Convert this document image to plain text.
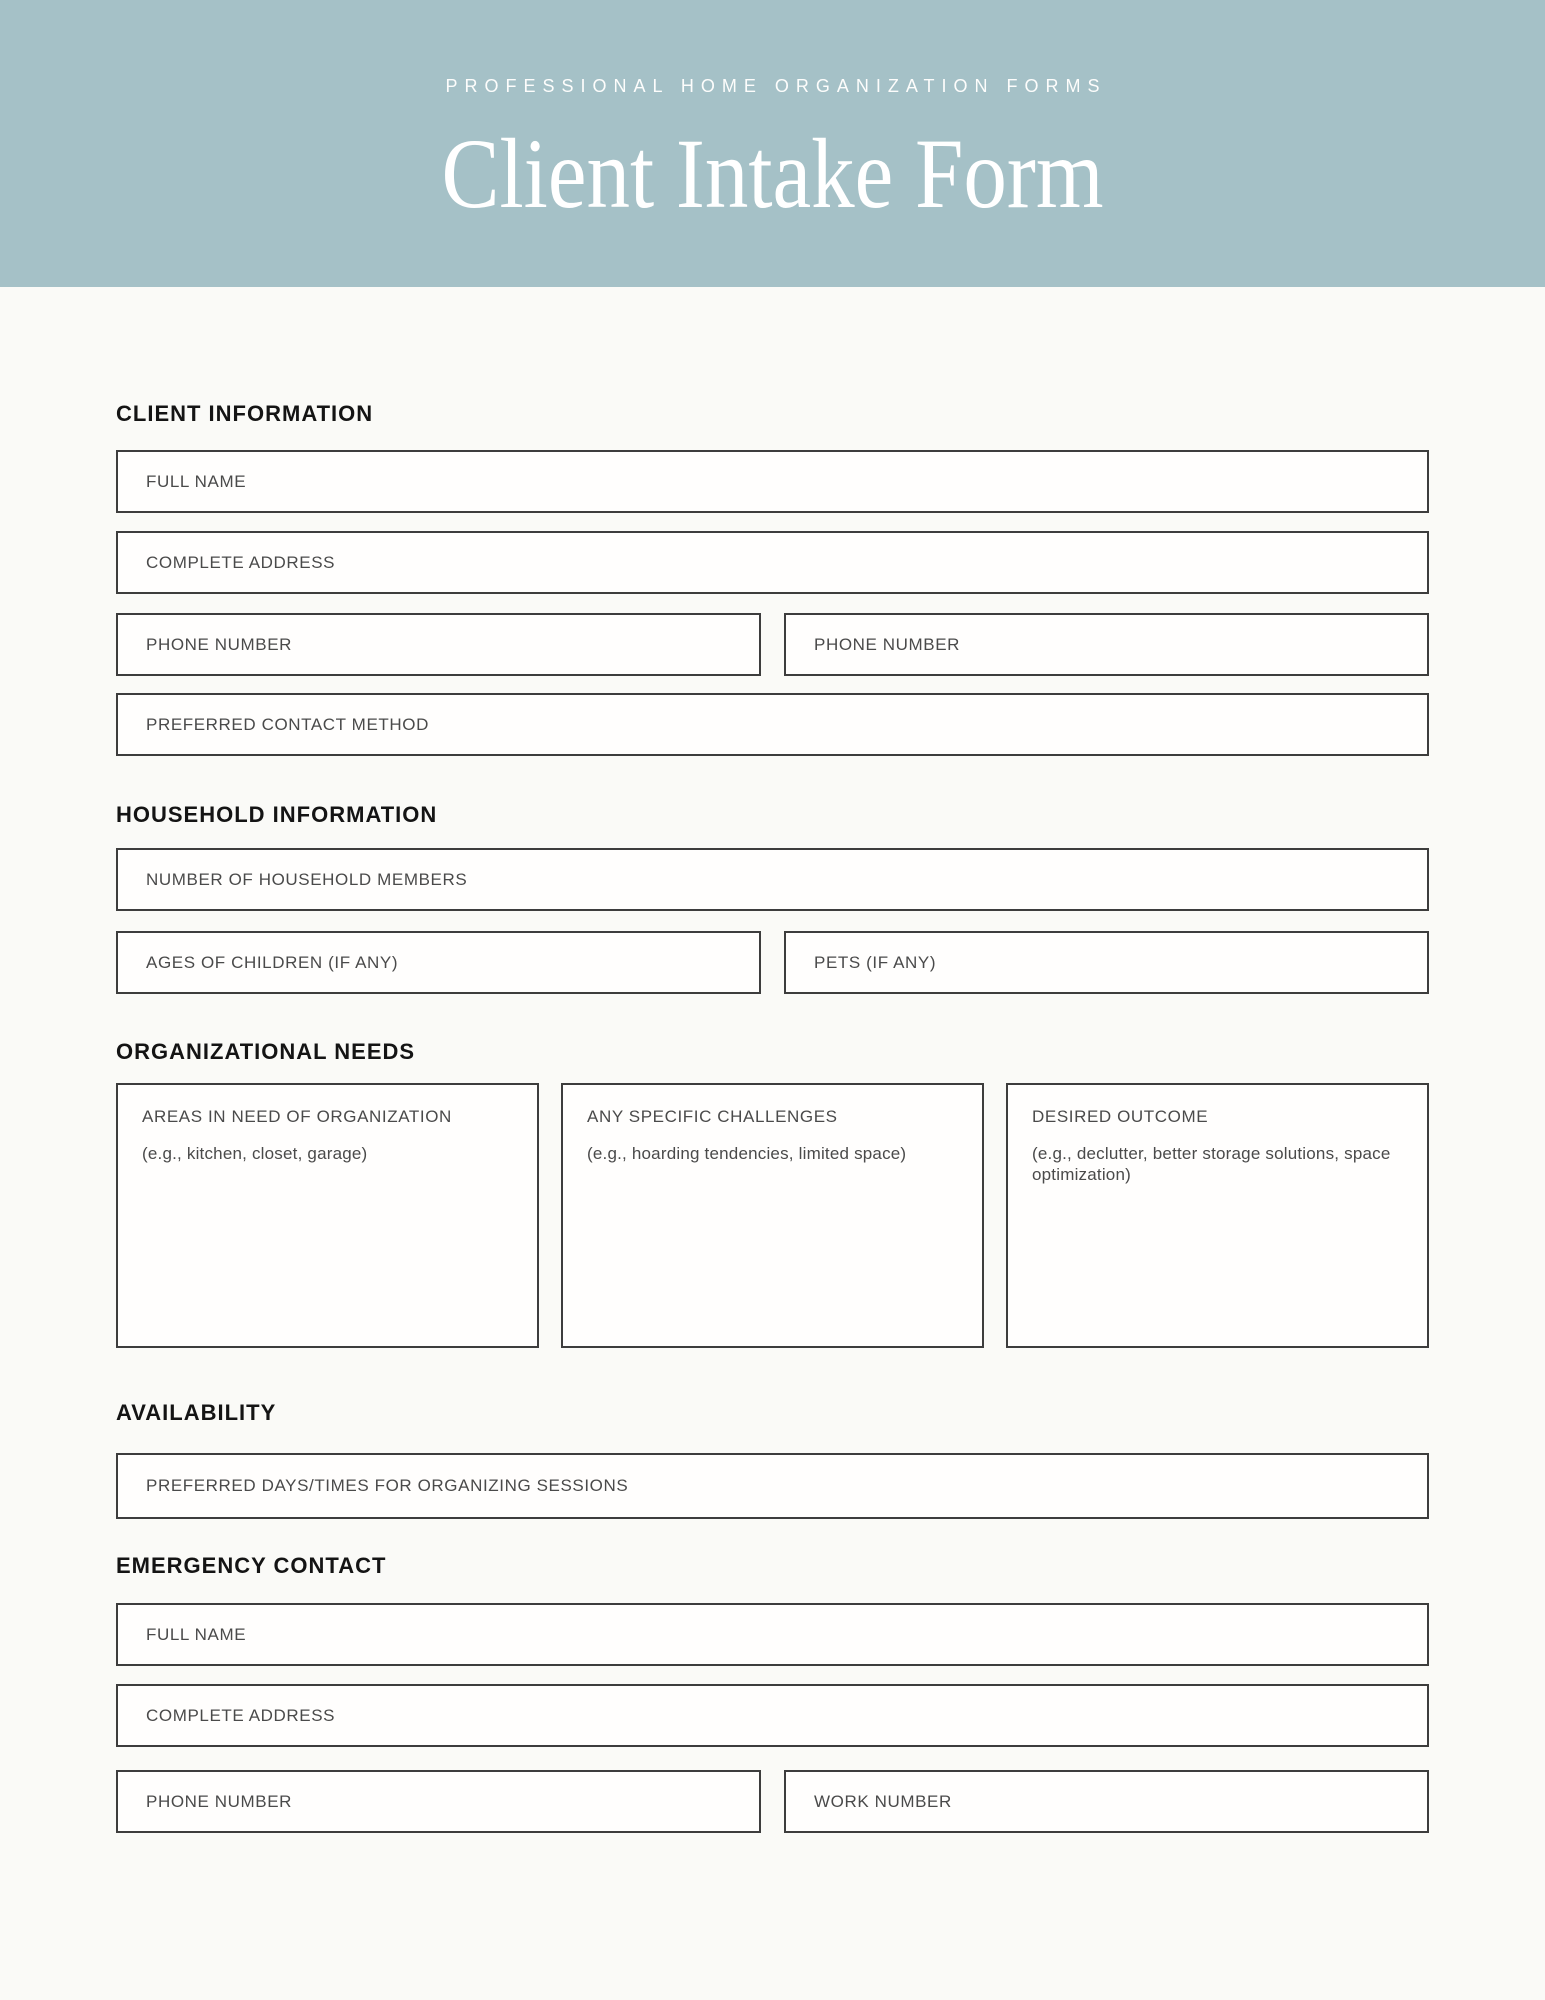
PROFESSIONAL HOME ORGANIZATION FORMS
Client Intake Form
CLIENT INFORMATION
FULL NAME
COMPLETE ADDRESS
PHONE NUMBER	PHONE NUMBER
PREFERRED CONTACT METHOD
HOUSEHOLD INFORMATION
NUMBER OF HOUSEHOLD MEMBERS
AGES OF CHILDREN (IF ANY)	PETS (IF ANY)
ORGANIZATIONAL NEEDS
AREAS IN NEED OF ORGANIZATION
(e.g., kitchen, closet, garage)
ANY SPECIFIC CHALLENGES
(e.g., hoarding tendencies, limited space)
DESIRED OUTCOME
(e.g., declutter, better storage solutions, space optimization)
AVAILABILITY
PREFERRED DAYS/TIMES FOR ORGANIZING SESSIONS
EMERGENCY CONTACT
FULL NAME
COMPLETE ADDRESS
PHONE NUMBER	WORK NUMBER
